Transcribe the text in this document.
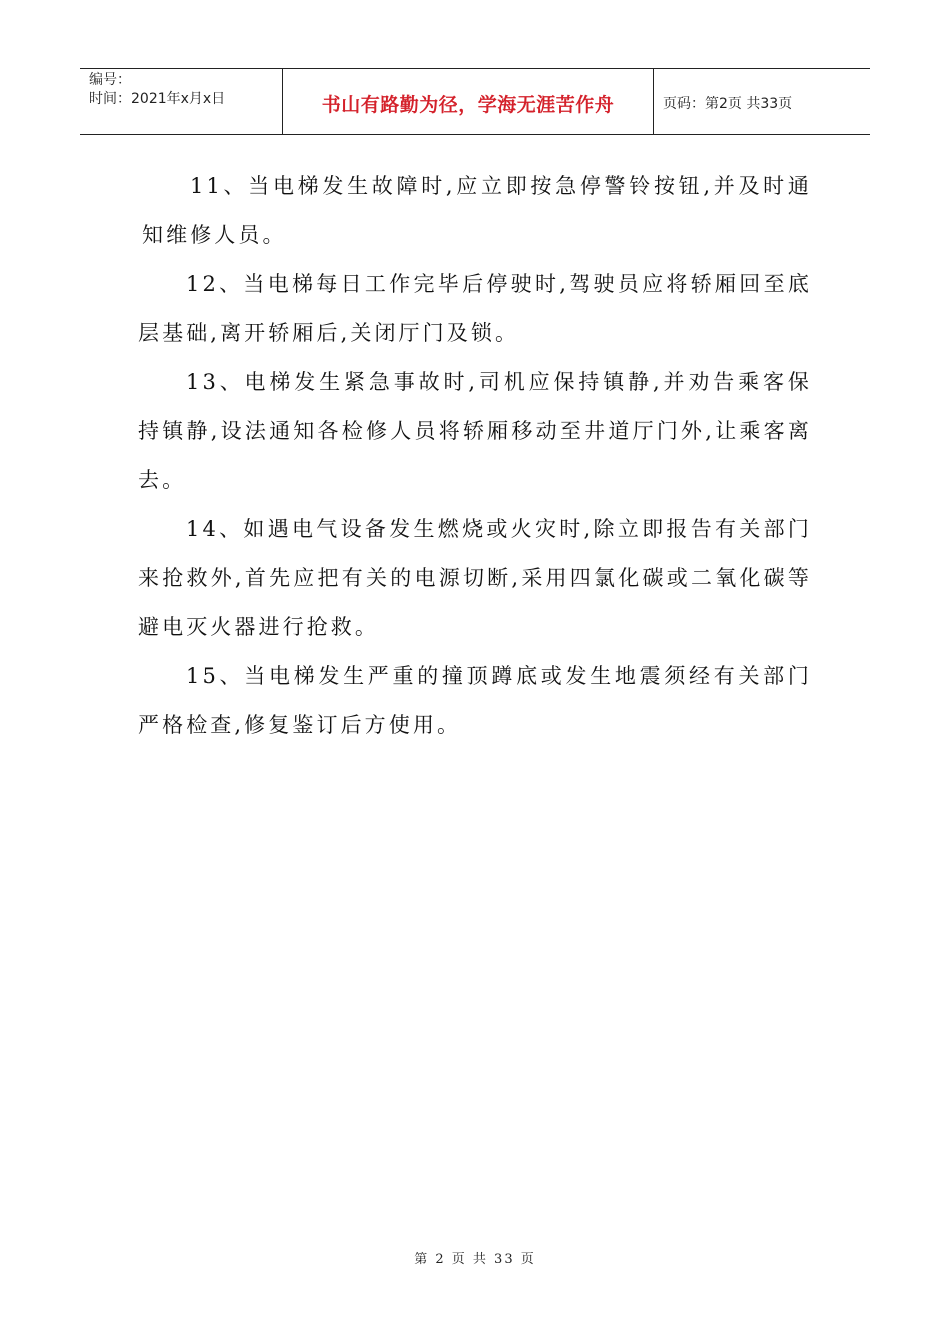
编号：
时间：2021年x月x日	书山有路勤为径，学海无涯苦作舟	页码：第2页 共33页

11、当电梯发生故障时,应立即按急停警铃按钮,并及时通知维修人员。

12、当电梯每日工作完毕后停驶时,驾驶员应将轿厢回至底层基础,离开轿厢后,关闭厅门及锁。

13、电梯发生紧急事故时,司机应保持镇静,并劝告乘客保持镇静,设法通知各检修人员将轿厢移动至井道厅门外,让乘客离去。

14、如遇电气设备发生燃烧或火灾时,除立即报告有关部门来抢救外,首先应把有关的电源切断,采用四氯化碳或二氧化碳等避电灭火器进行抢救。

15、当电梯发生严重的撞顶蹲底或发生地震须经有关部门严格检查,修复鉴订后方使用。

第 2 页 共 33 页
